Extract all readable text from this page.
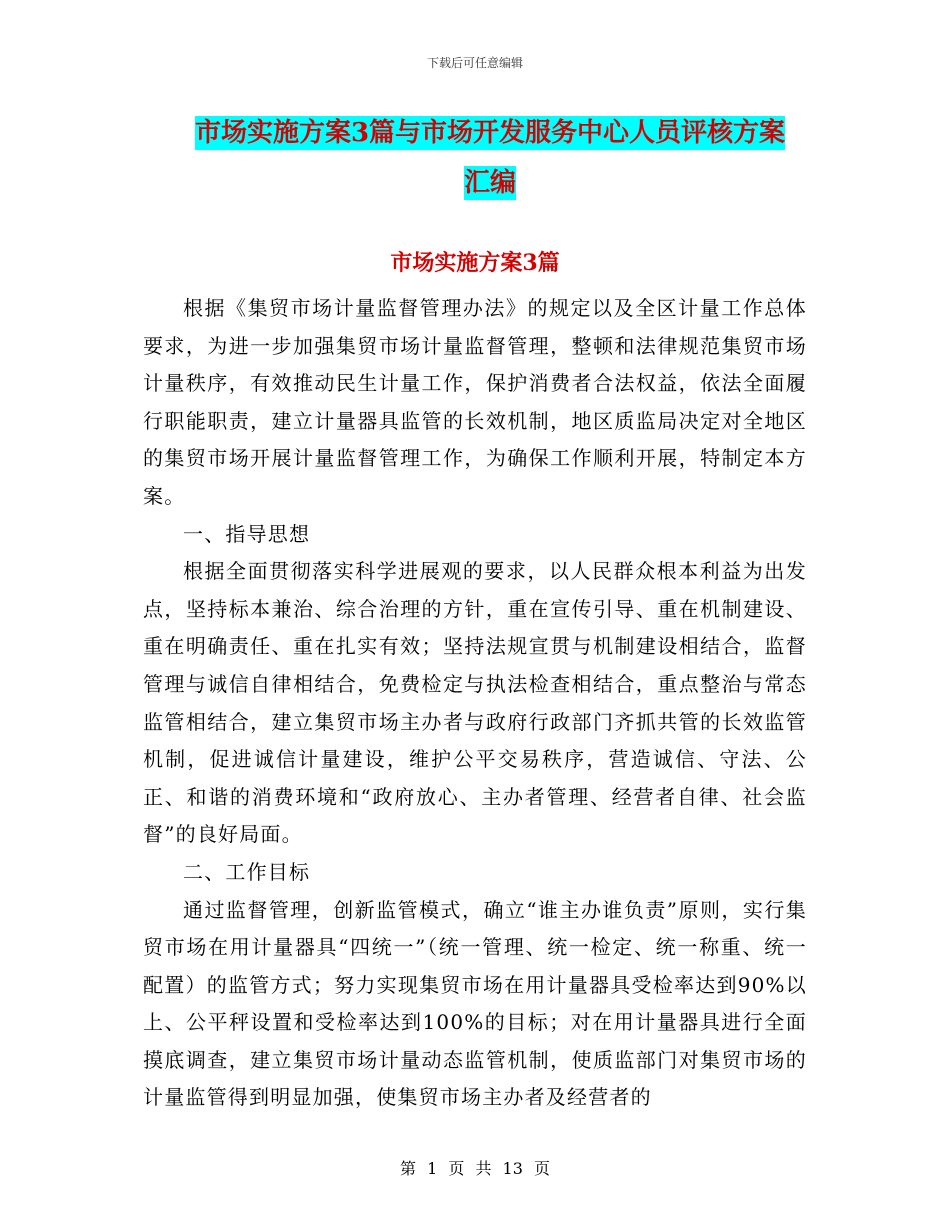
下载后可任意编辑
市场实施方案3篇与市场开发服务中心人员评核方案
汇编
市场实施方案3篇

根据《集贸市场计量监督管理办法》的规定以及全区计量工作总体要求，为进一步加强集贸市场计量监督管理，整顿和法律规范集贸市场计量秩序，有效推动民生计量工作，保护消费者合法权益，依法全面履行职能职责，建立计量器具监管的长效机制，地区质监局决定对全地区的集贸市场开展计量监督管理工作，为确保工作顺利开展，特制定本方案。

一、指导思想

根据全面贯彻落实科学进展观的要求，以人民群众根本利益为出发点，坚持标本兼治、综合治理的方针，重在宣传引导、重在机制建设、重在明确责任、重在扎实有效；坚持法规宣贯与机制建设相结合，监督管理与诚信自律相结合，免费检定与执法检查相结合，重点整治与常态监管相结合，建立集贸市场主办者与政府行政部门齐抓共管的长效监管机制，促进诚信计量建设，维护公平交易秩序，营造诚信、守法、公正、和谐的消费环境和“政府放心、主办者管理、经营者自律、社会监督”的良好局面。

二、工作目标

通过监督管理，创新监管模式，确立“谁主办谁负责”原则，实行集贸市场在用计量器具“四统一”（统一管理、统一检定、统一称重、统一配置）的监管方式；努力实现集贸市场在用计量器具受检率达到90%以上、公平秤设置和受检率达到100%的目标；对在用计量器具进行全面摸底调查，建立集贸市场计量动态监管机制，使质监部门对集贸市场的计量监管得到明显加强，使集贸市场主办者及经营者的

第 1 页 共 13 页
